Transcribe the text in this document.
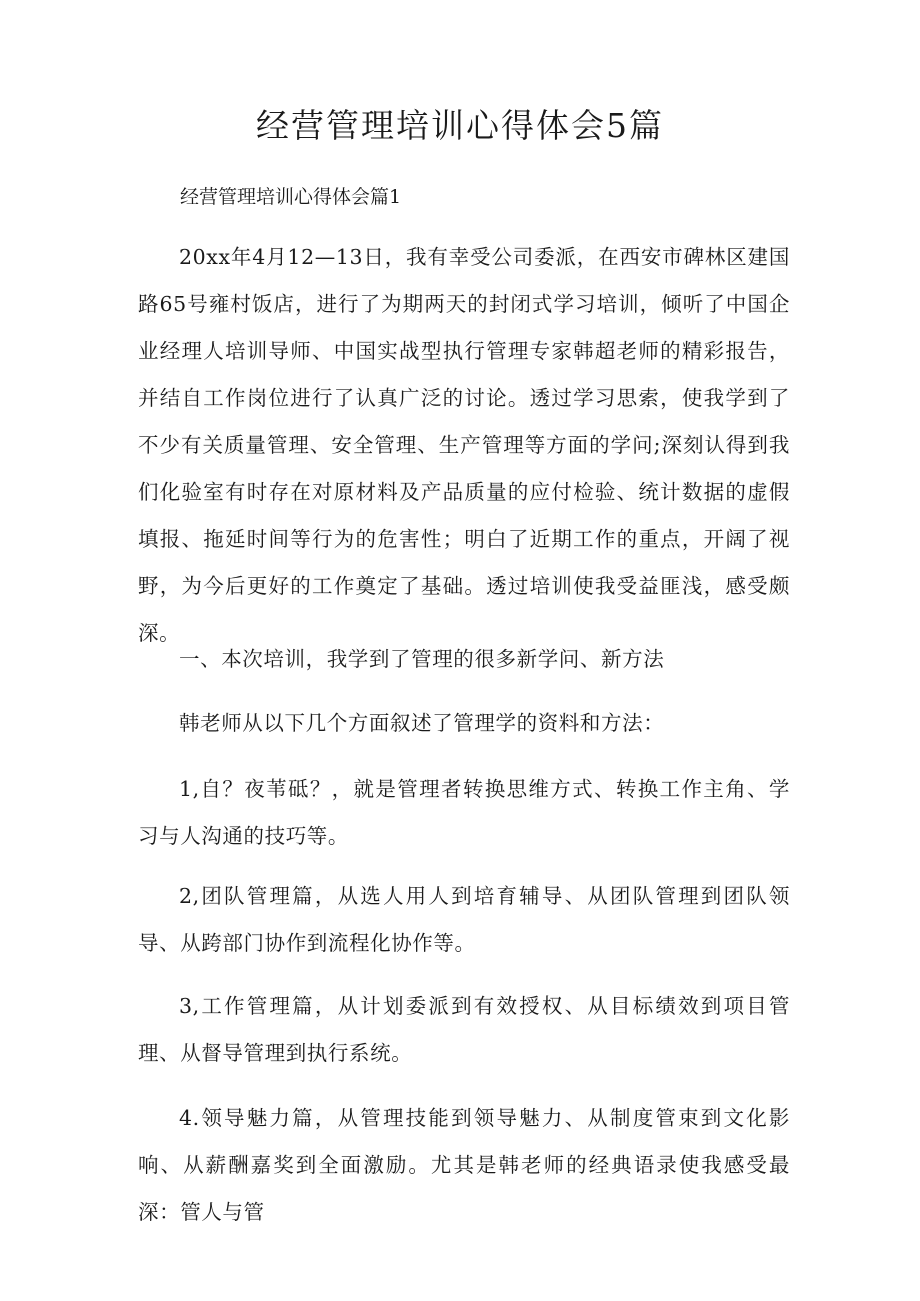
经营管理培训心得体会5篇

经营管理培训心得体会篇1

20xx年4月12—13日，我有幸受公司委派，在西安市碑林区建国路65号雍村饭店，进行了为期两天的封闭式学习培训，倾听了中国企业经理人培训导师、中国实战型执行管理专家韩超老师的精彩报告，并结自工作岗位进行了认真广泛的讨论。透过学习思索，使我学到了不少有关质量管理、安全管理、生产管理等方面的学问;深刻认得到我们化验室有时存在对原材料及产品质量的应付检验、统计数据的虚假填报、拖延时间等行为的危害性；明白了近期工作的重点，开阔了视野，为今后更好的工作奠定了基础。透过培训使我受益匪浅，感受颇深。

一、本次培训，我学到了管理的很多新学问、新方法

韩老师从以下几个方面叙述了管理学的资料和方法：

1,自？夜苇砥？，就是管理者转换思维方式、转换工作主角、学习与人沟通的技巧等。

2,团队管理篇，从选人用人到培育辅导、从团队管理到团队领导、从跨部门协作到流程化协作等。

3,工作管理篇，从计划委派到有效授权、从目标绩效到项目管理、从督导管理到执行系统。

4.领导魅力篇，从管理技能到领导魅力、从制度管束到文化影响、从薪酬嘉奖到全面激励。尤其是韩老师的经典语录使我感受最深：管人与管
